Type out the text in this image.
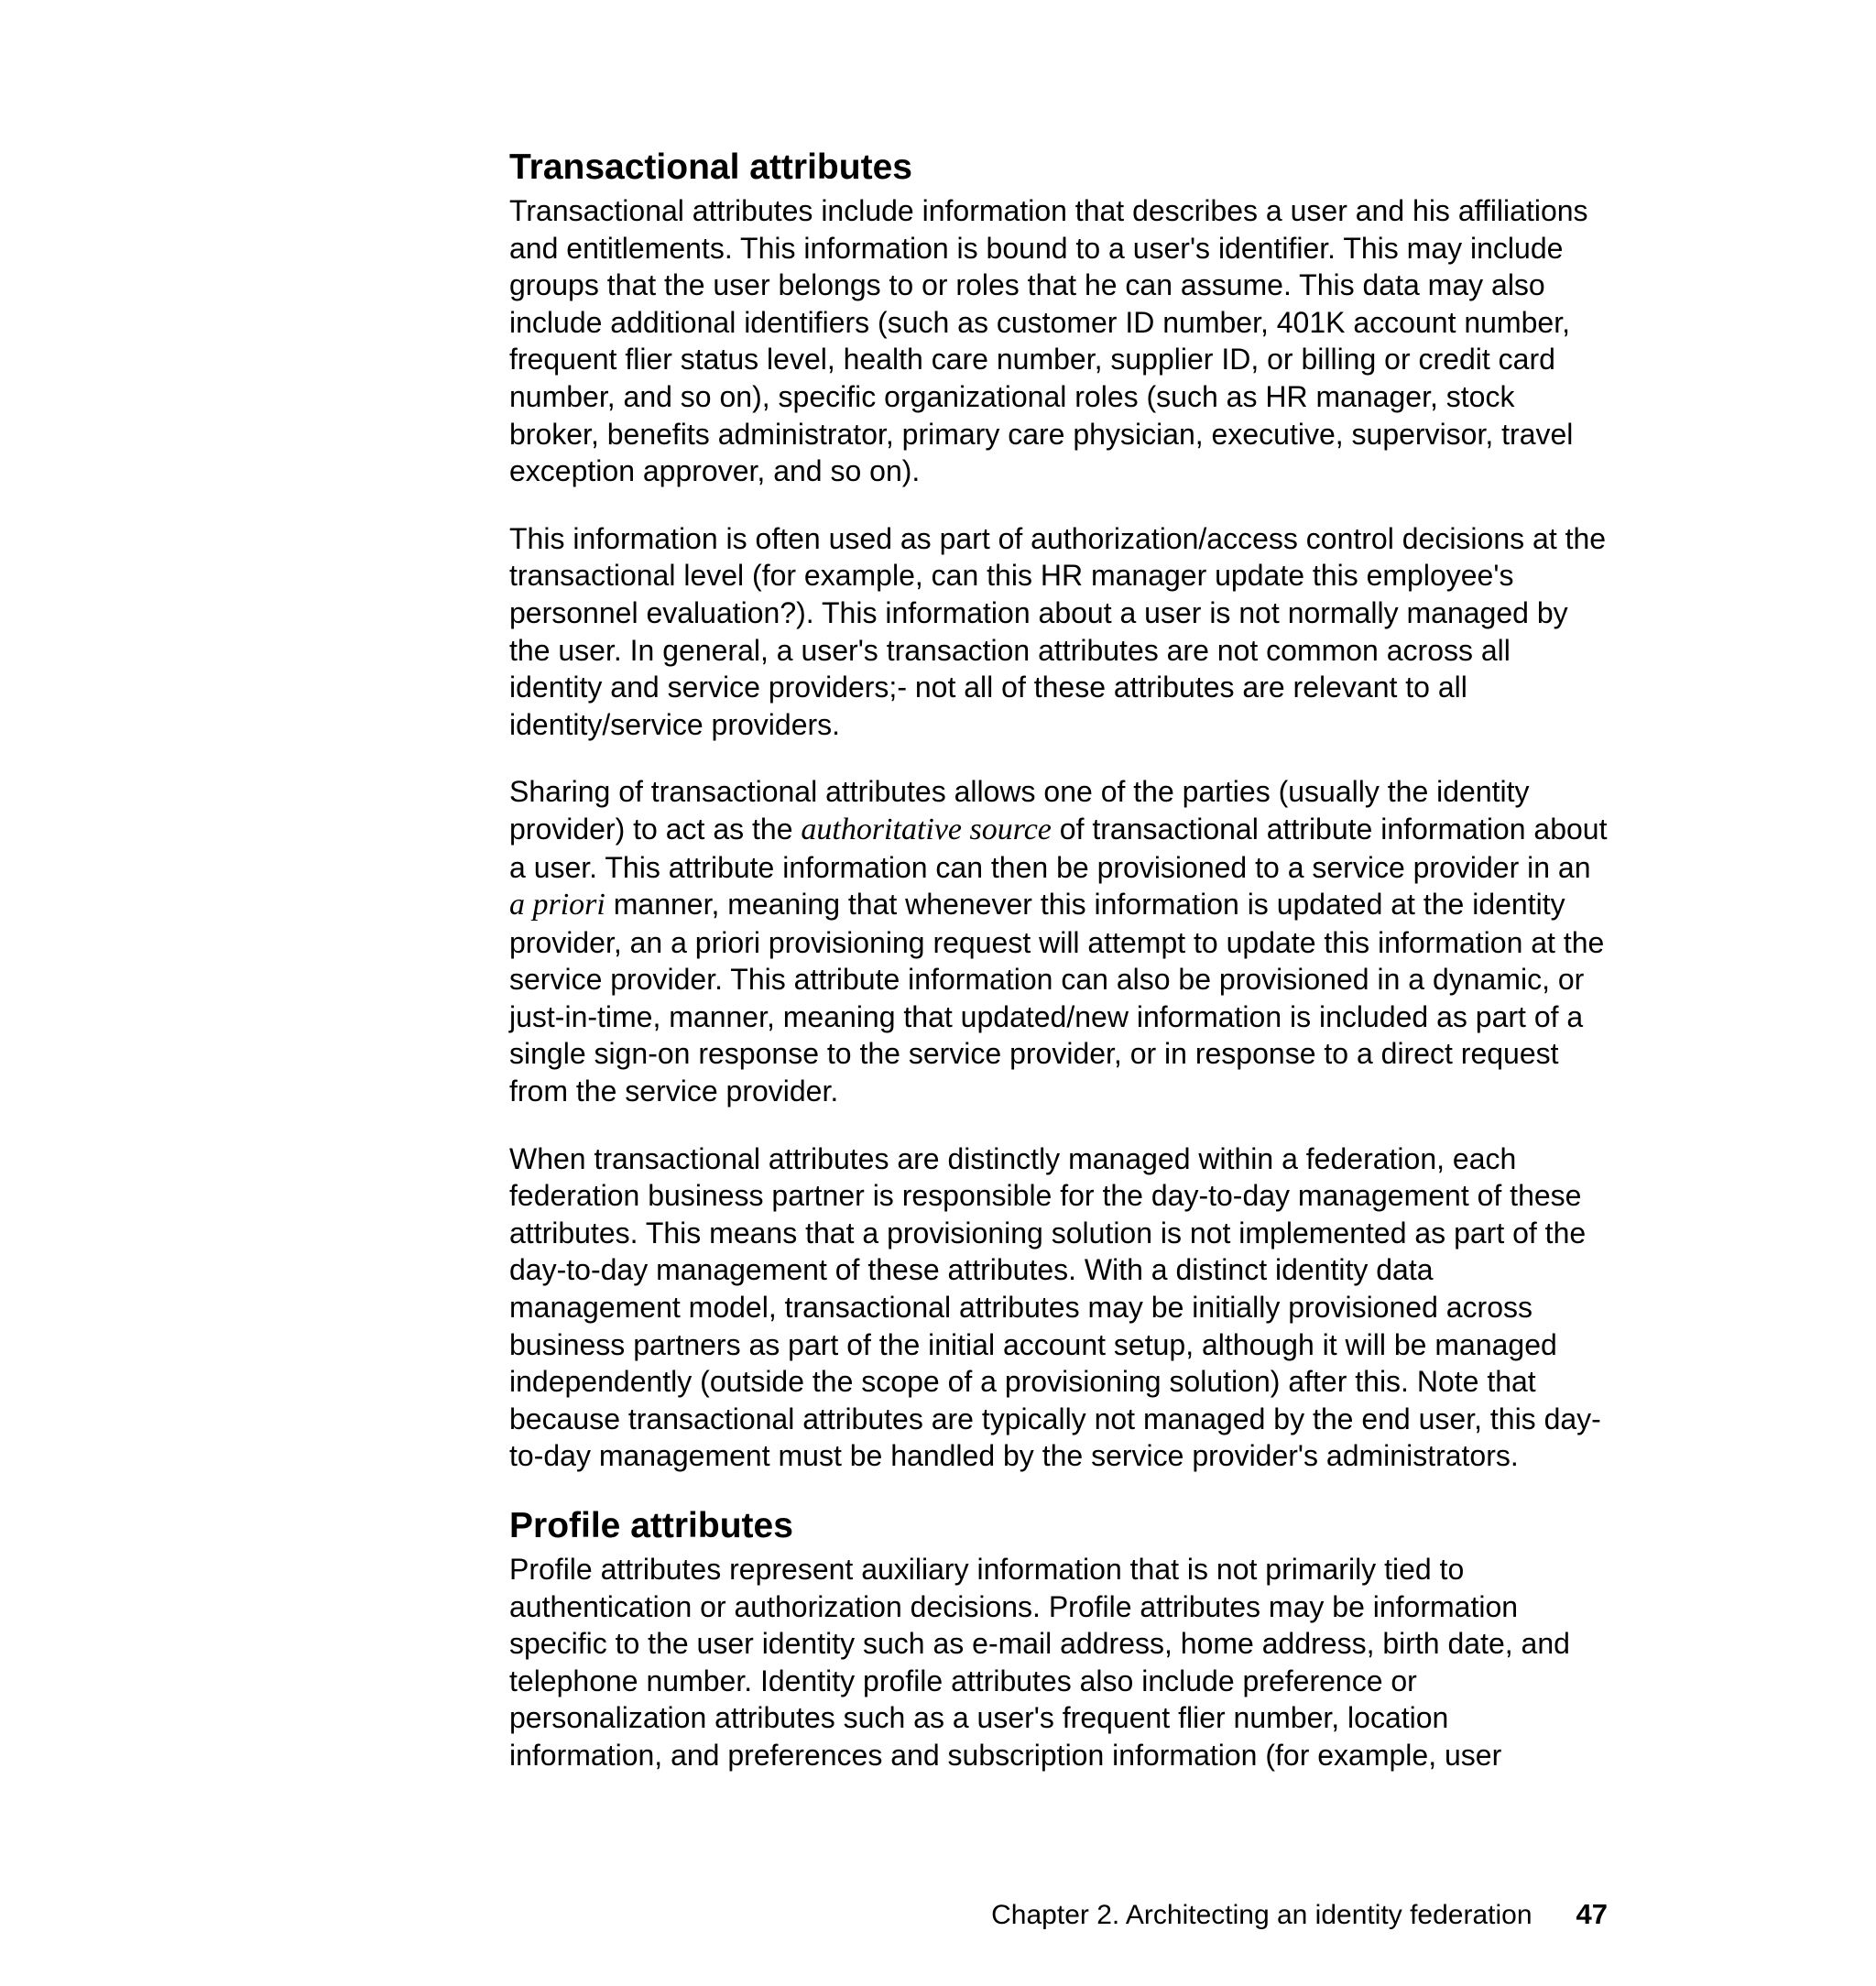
Transactional attributes

Transactional attributes include information that describes a user and his affiliations and entitlements. This information is bound to a user's identifier. This may include groups that the user belongs to or roles that he can assume. This data may also include additional identifiers (such as customer ID number, 401K account number, frequent flier status level, health care number, supplier ID, or billing or credit card number, and so on), specific organizational roles (such as HR manager, stock broker, benefits administrator, primary care physician, executive, supervisor, travel exception approver, and so on).

This information is often used as part of authorization/access control decisions at the transactional level (for example, can this HR manager update this employee's personnel evaluation?). This information about a user is not normally managed by the user. In general, a user's transaction attributes are not common across all identity and service providers;- not all of these attributes are relevant to all identity/service providers.

Sharing of transactional attributes allows one of the parties (usually the identity provider) to act as the authoritative source of transactional attribute information about a user. This attribute information can then be provisioned to a service provider in an a priori manner, meaning that whenever this information is updated at the identity provider, an a priori provisioning request will attempt to update this information at the service provider. This attribute information can also be provisioned in a dynamic, or just-in-time, manner, meaning that updated/new information is included as part of a single sign-on response to the service provider, or in response to a direct request from the service provider.

When transactional attributes are distinctly managed within a federation, each federation business partner is responsible for the day-to-day management of these attributes. This means that a provisioning solution is not implemented as part of the day-to-day management of these attributes. With a distinct identity data management model, transactional attributes may be initially provisioned across business partners as part of the initial account setup, although it will be managed independently (outside the scope of a provisioning solution) after this. Note that because transactional attributes are typically not managed by the end user, this day-to-day management must be handled by the service provider's administrators.

Profile attributes

Profile attributes represent auxiliary information that is not primarily tied to authentication or authorization decisions. Profile attributes may be information specific to the user identity such as e-mail address, home address, birth date, and telephone number. Identity profile attributes also include preference or personalization attributes such as a user's frequent flier number, location information, and preferences and subscription information (for example, user

Chapter 2. Architecting an identity federation 47
